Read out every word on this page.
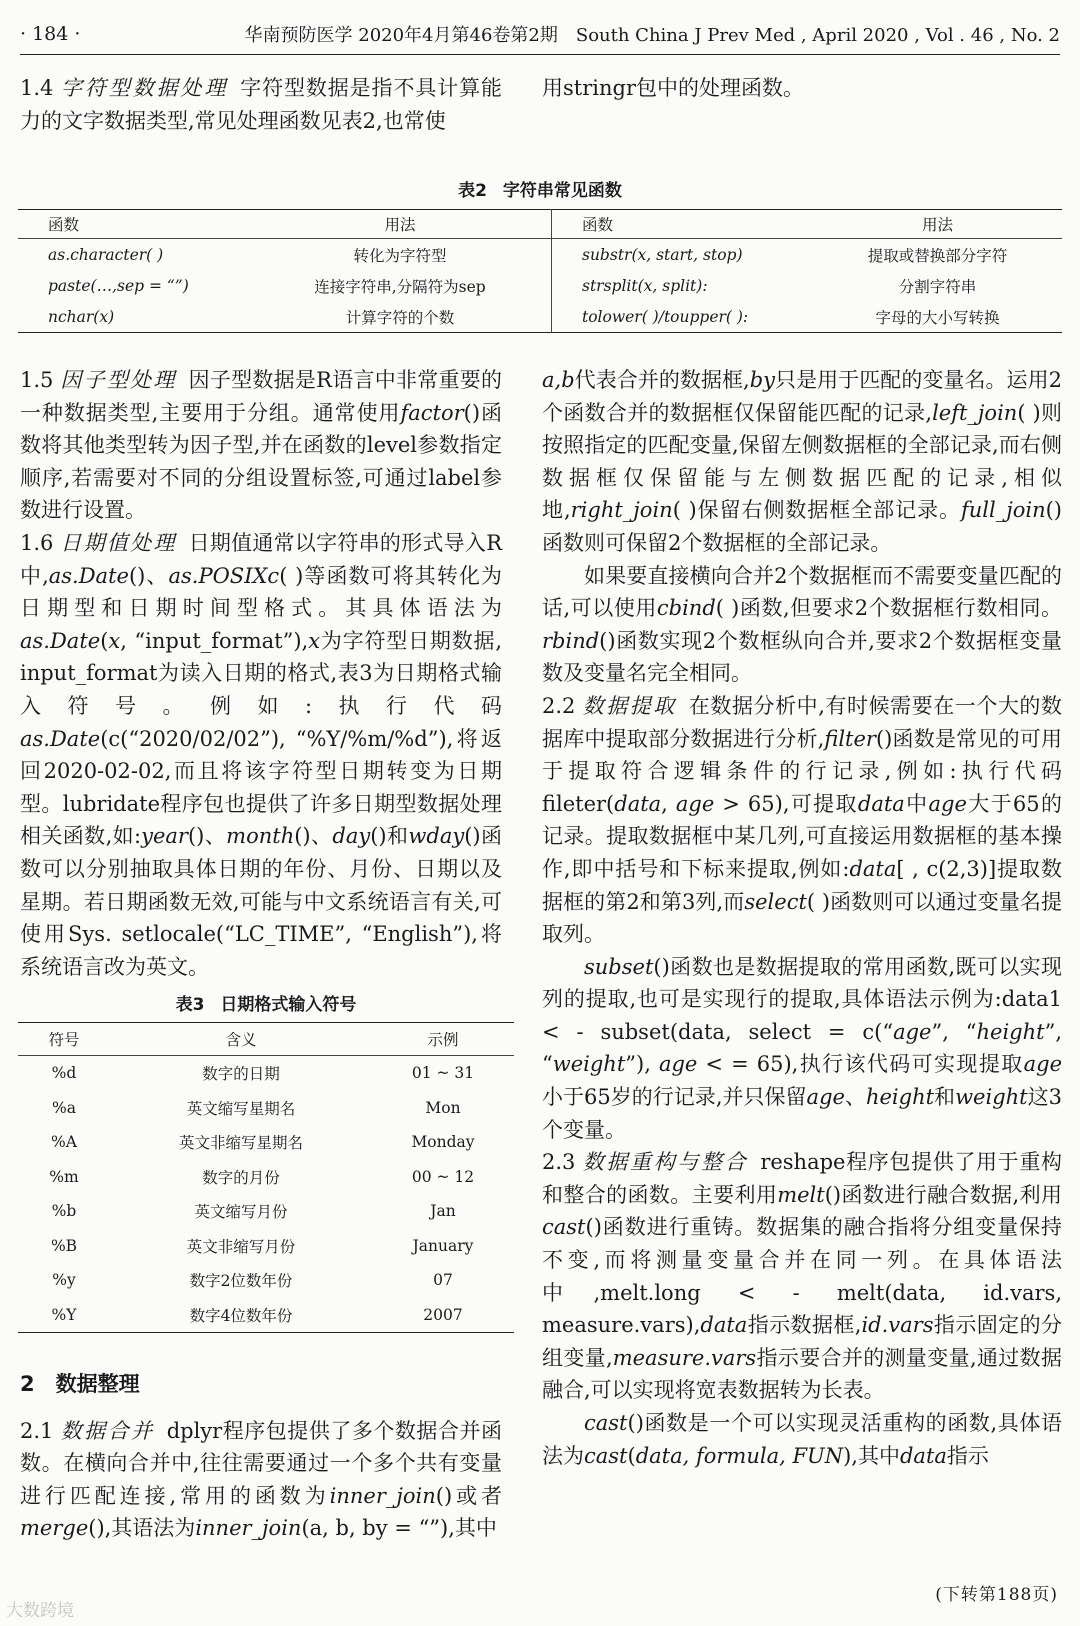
· 184 ·	华南预防医学 2020年4月第46卷第2期　South China J Prev Med , April 2020 , Vol . 46 , No. 2

1.4 字符型数据处理 字符型数据是指不具计算能力的文字数据类型,常见处理函数见表2,也常使

用stringr包中的处理函数。

表2 字符串常见函数
函数	用法	函数	用法
as.character( )	转化为字符型	substr(x, start, stop)	提取或替换部分字符
paste(…,sep = “”)	连接字符串,分隔符为sep	strsplit(x, split):	分割字符串
nchar(x)	计算字符的个数	tolower( )/toupper( ):	字母的大小写转换

1.5 因子型处理 因子型数据是R语言中非常重要的一种数据类型,主要用于分组。通常使用factor()函数将其他类型转为因子型,并在函数的level参数指定顺序,若需要对不同的分组设置标签,可通过label参数进行设置。

1.6 日期值处理 日期值通常以字符串的形式导入R中,as.Date()、as.POSIXc( )等函数可将其转化为日期型和日期时间型格式。其具体语法为 as.Date(x, “input_format”),x为字符型日期数据, input_format为读入日期的格式,表3为日期格式输入符号。例如:执行代码as.Date(c(“2020/02/02”), “%Y/%m/%d”),将返回2020-02-02,而且将该字符型日期转变为日期型。lubridate程序包也提供了许多日期型数据处理相关函数,如:year()、month()、day()和wday()函数可以分别抽取具体日期的年份、月份、日期以及星期。若日期函数无效,可能与中文系统语言有关,可使用Sys. setlocale(“LC_TIME”, “English”),将系统语言改为英文。

表3 日期格式输入符号
符号	含义	示例
%d	数字的日期	01 ~ 31
%a	英文缩写星期名	Mon
%A	英文非缩写星期名	Monday
%m	数字的月份	00 ~ 12
%b	英文缩写月份	Jan
%B	英文非缩写月份	January
%y	数字2位数年份	07
%Y	数字4位数年份	2007

2　数据整理

2.1 数据合并 dplyr程序包提供了多个数据合并函数。在横向合并中,往往需要通过一个多个共有变量进行匹配连接,常用的函数为inner_join()或者merge(),其语法为inner_join(a, b, by = “”),其中

a,b代表合并的数据框,by只是用于匹配的变量名。运用2个函数合并的数据框仅保留能匹配的记录,left_join( )则按照指定的匹配变量,保留左侧数据框的全部记录,而右侧数据框仅保留能与左侧数据匹配的记录,相似地,right_join( )保留右侧数据框全部记录。full_join()函数则可保留2个数据框的全部记录。

如果要直接横向合并2个数据框而不需要变量匹配的话,可以使用cbind( )函数,但要求2个数据框行数相同。rbind()函数实现2个数框纵向合并,要求2个数据框变量数及变量名完全相同。

2.2 数据提取 在数据分析中,有时候需要在一个大的数据库中提取部分数据进行分析,filter()函数是常见的可用于提取符合逻辑条件的行记录,例如:执行代码fileter(data, age > 65),可提取data中age大于65的记录。提取数据框中某几列,可直接运用数据框的基本操作,即中括号和下标来提取,例如:data[ , c(2,3)]提取数据框的第2和第3列,而select( )函数则可以通过变量名提取列。

subset()函数也是数据提取的常用函数,既可以实现列的提取,也可是实现行的提取,具体语法示例为:data1 < - subset(data, select = c(“age”, “height”, “weight”), age < = 65),执行该代码可实现提取age小于65岁的行记录,并只保留age、height和weight这3个变量。

2.3 数据重构与整合 reshape程序包提供了用于重构和整合的函数。主要利用melt()函数进行融合数据,利用cast()函数进行重铸。数据集的融合指将分组变量保持不变,而将测量变量合并在同一列。在具体语法中,melt.long < - melt(data, id.vars, measure.vars),data指示数据框,id.vars指示固定的分组变量,measure.vars指示要合并的测量变量,通过数据融合,可以实现将宽表数据转为长表。

cast()函数是一个可以实现灵活重构的函数,具体语法为cast(data, formula, FUN),其中data指示

(下转第188页)
大数跨境
